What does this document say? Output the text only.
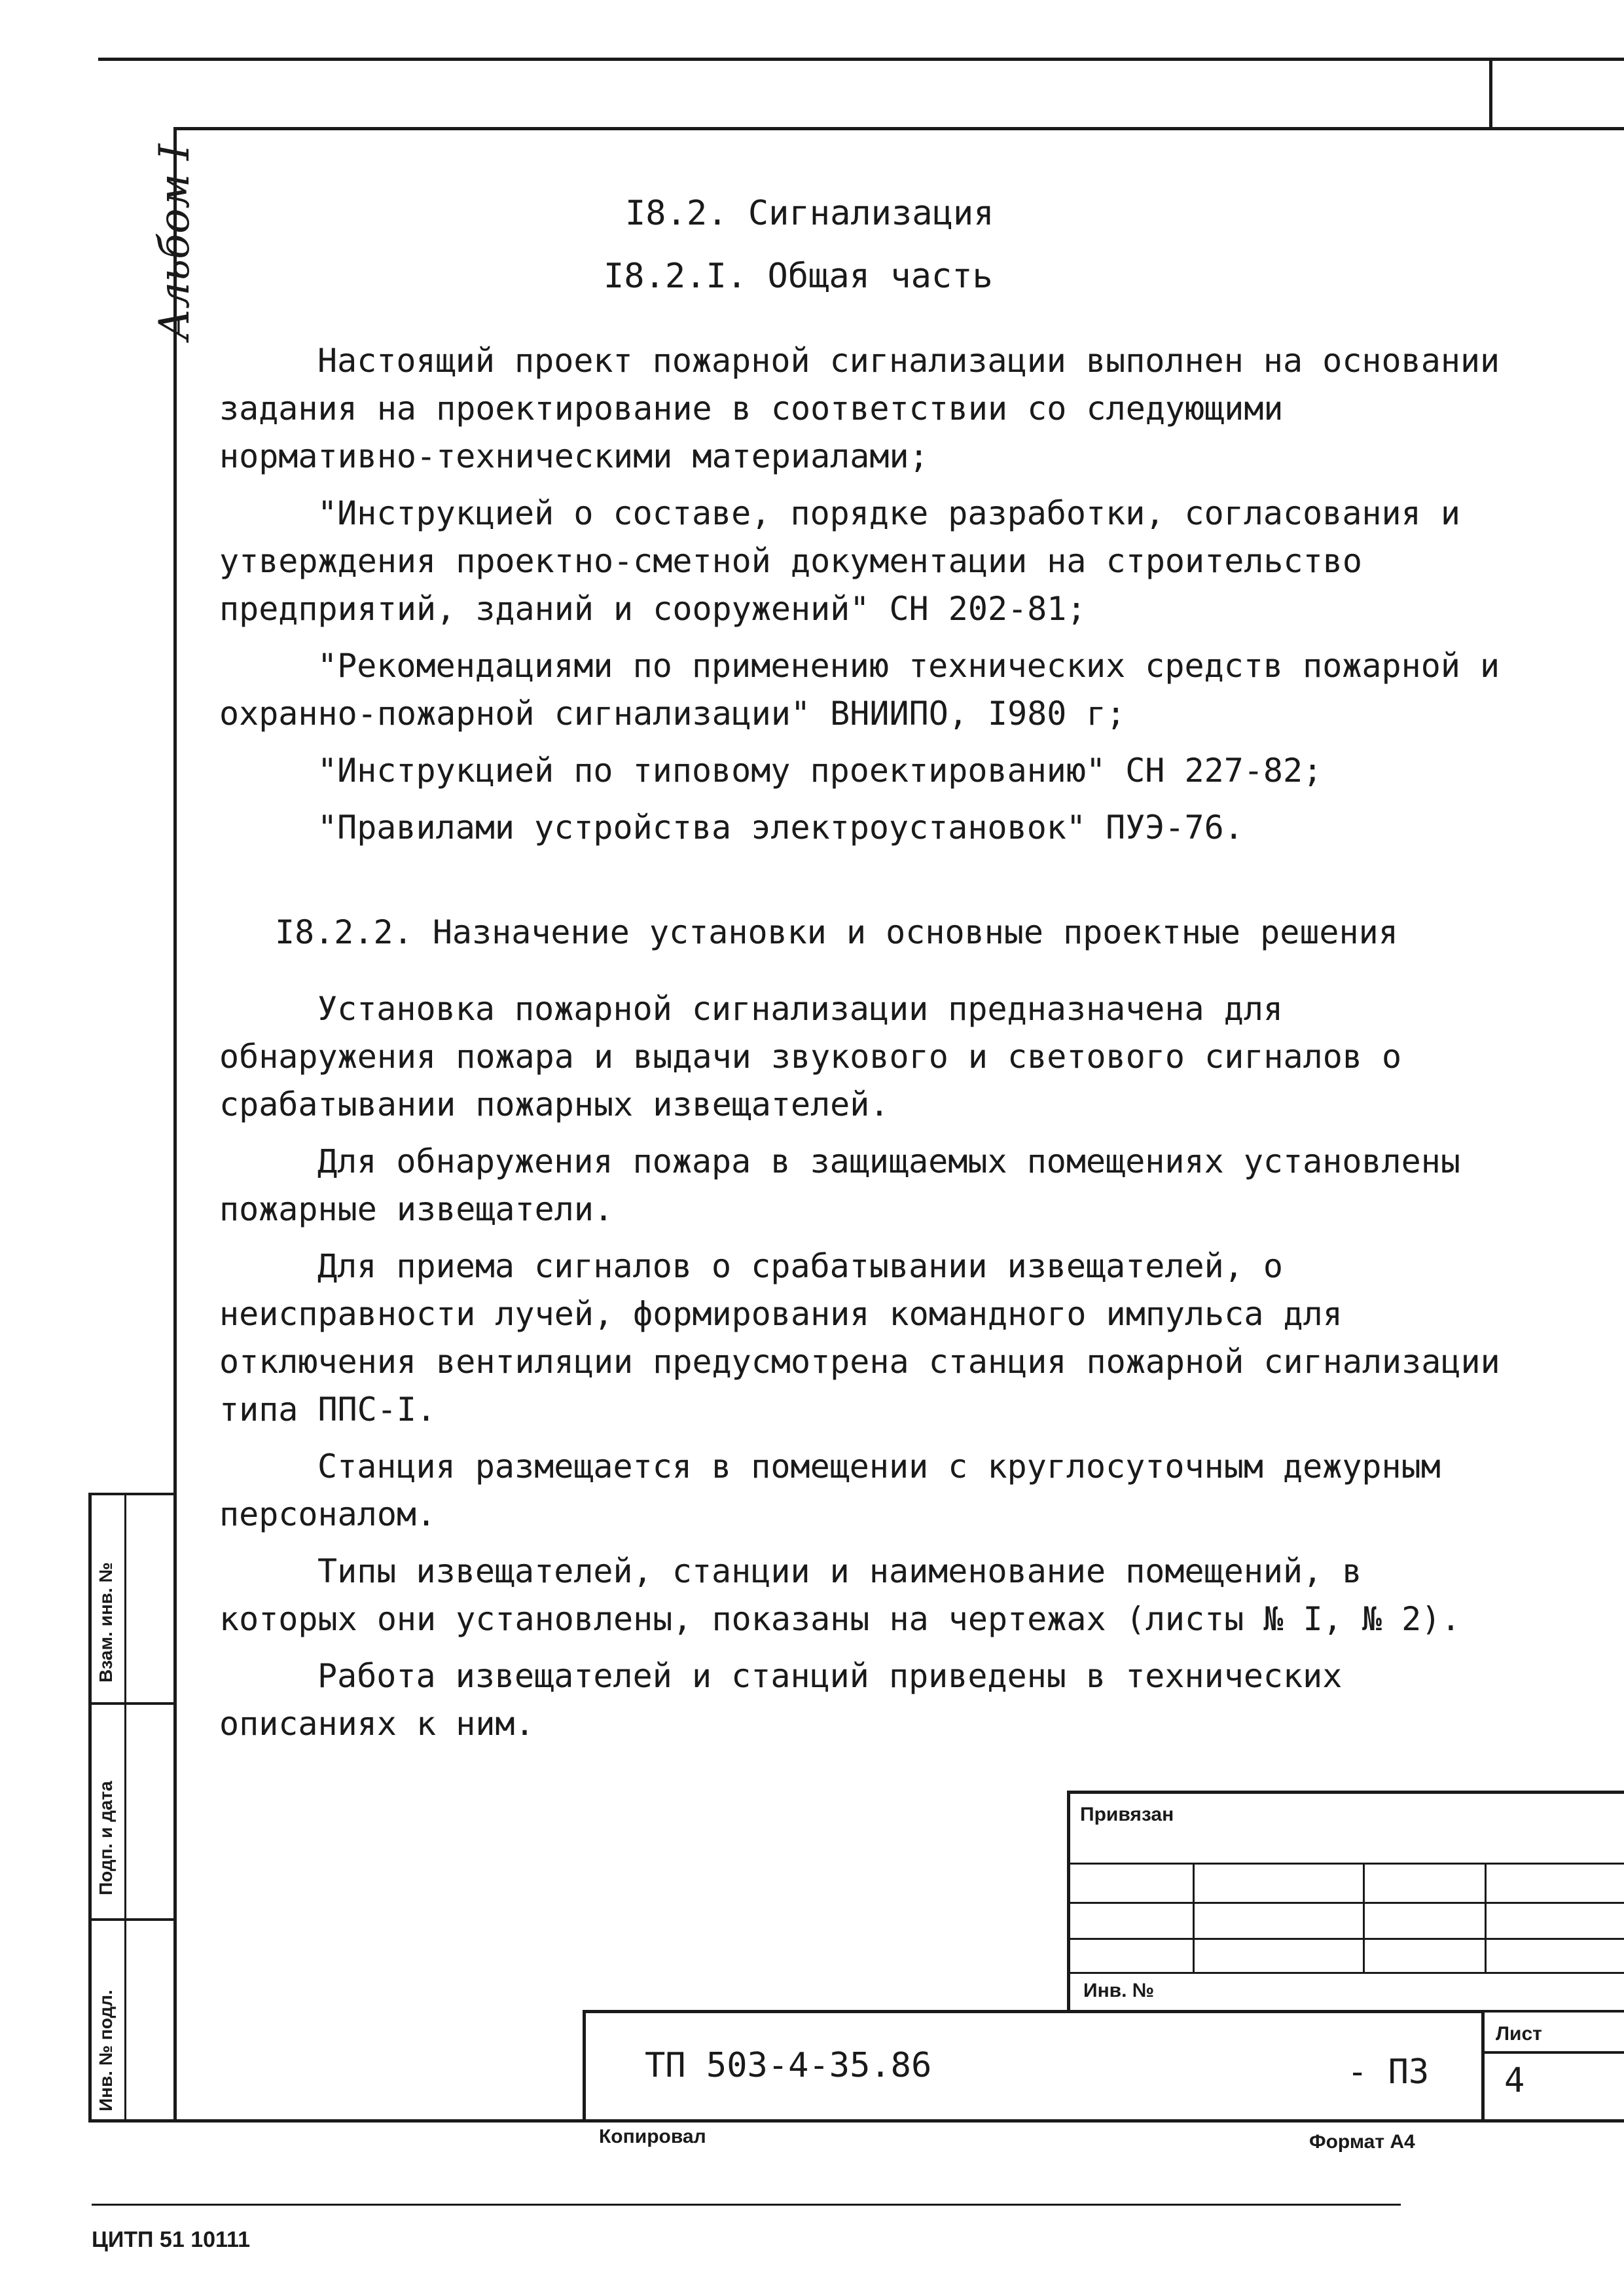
Альбом I	I8.2. Сигнализация
I8.2.I. Общая часть

Настоящий проект пожарной сигнализации выполнен на основании задания на проектирование в соответствии со следующими нормативно-техническими материалами;

"Инструкцией о составе, порядке разработки, согласования и утверждения проектно-сметной документации на строительство предприятий, зданий и сооружений" СН 202-81;

"Рекомендациями по применению технических средств пожарной и охранно-пожарной сигнализации" ВНИИПО, I980 г;

"Инструкцией по типовому проектированию" СН 227-82;

"Правилами устройства электроустановок" ПУЭ-76.

I8.2.2. Назначение установки и основные проектные решения

Установка пожарной сигнализации предназначена для обнаружения пожара и выдачи звукового и светового сигналов о срабатывании пожарных извещателей.

Для обнаружения пожара в защищаемых помещениях установлены пожарные извещатели.

Для приема сигналов о срабатывании извещателей, о неисправности лучей, формирования командного импульса для отключения вентиляции предусмотрена станция пожарной сигнализации типа ППС-I.

Станция размещается в помещении с круглосуточным дежурным персоналом.

Типы извещателей, станции и наименование помещений, в которых они установлены, показаны на чертежах (листы № I, № 2).

Работа извещателей и станций приведены в технических описаниях к ним.

Взам. инв. №
Подп. и дата
Инв. № подл.
Привязан
Инв. №
ТП 503-4-35.86	- ПЗ
Лист
4
Копировал	Формат А4
ЦИТП 51 10111
